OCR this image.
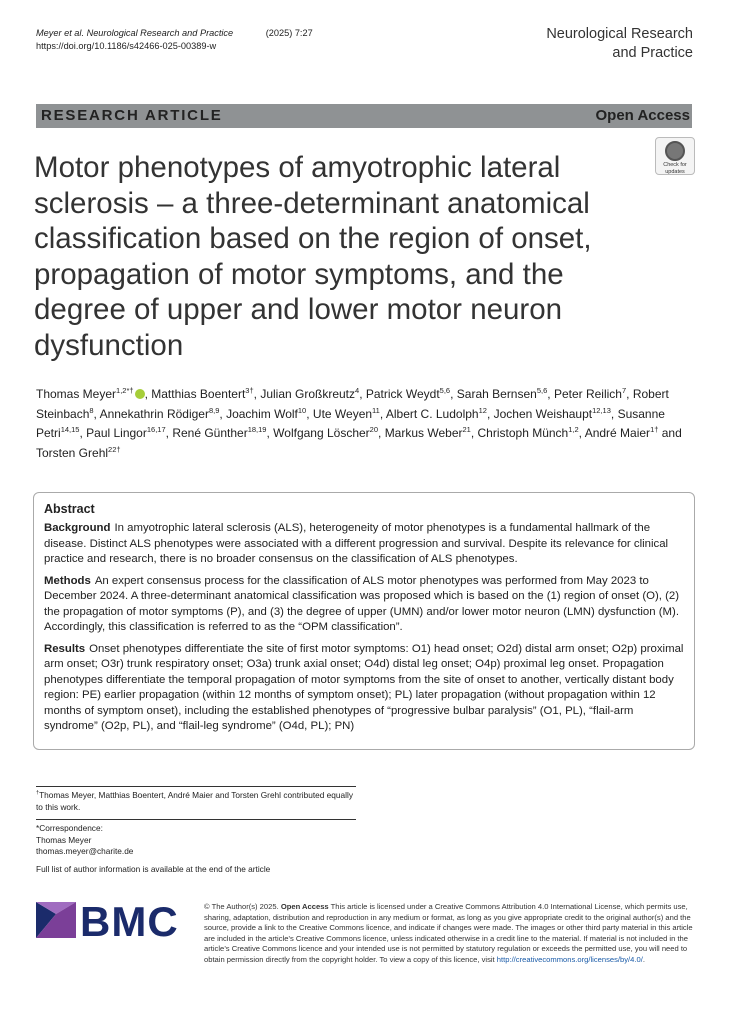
Meyer et al. Neurological Research and Practice	(2025) 7:27
https://doi.org/10.1186/s42466-025-00389-w
Neurological Research
and Practice
RESEARCH ARTICLE	Open Access
Check for
updates
Motor phenotypes of amyotrophic lateral sclerosis – a three-determinant anatomical classification based on the region of onset, propagation of motor symptoms, and the degree of upper and lower motor neuron dysfunction
Thomas Meyer$^{1,2*\dagger}$ , Matthias Boentert$^{3\dagger}$, Julian Großkreutz$^4$, Patrick Weydt$^{5,6}$, Sarah Bernsen$^{5,6}$, Peter Reilich$^7$, Robert Steinbach$^8$, Annekathrin Rödiger$^{8,9}$, Joachim Wolf$^{10}$, Ute Weyen$^{11}$, Albert C. Ludolph$^{12}$, Jochen Weishaupt$^{12,13}$, Susanne Petri$^{14,15}$, Paul Lingor$^{16,17}$, René Günther$^{18,19}$, Wolfgang Löscher$^{20}$, Markus Weber$^{21}$, Christoph Münch$^{1,2}$, André Maier$^{1\dagger}$ and Torsten Grehl$^{22\dagger}$
Abstract

Background In amyotrophic lateral sclerosis (ALS), heterogeneity of motor phenotypes is a fundamental hallmark of the disease. Distinct ALS phenotypes were associated with a different progression and survival. Despite its relevance for clinical practice and research, there is no broader consensus on the classification of ALS phenotypes.

Methods An expert consensus process for the classification of ALS motor phenotypes was performed from May 2023 to December 2024. A three-determinant anatomical classification was proposed which is based on the (1) region of onset (O), (2) the propagation of motor symptoms (P), and (3) the degree of upper (UMN) and/or lower motor neuron (LMN) dysfunction (M). Accordingly, this classification is referred to as the “OPM classification”.

Results Onset phenotypes differentiate the site of first motor symptoms: O1) head onset; O2d) distal arm onset; O2p) proximal arm onset; O3r) trunk respiratory onset; O3a) trunk axial onset; O4d) distal leg onset; O4p) proximal leg onset. Propagation phenotypes differentiate the temporal propagation of motor symptoms from the site of onset to another, vertically distant body region: PE) earlier propagation (within 12 months of symptom onset); PL) later propagation (without propagation within 12 months of symptom onset), including the established phenotypes of “progressive bulbar paralysis” (O1, PL), “flail-arm syndrome” (O2p, PL), and “flail-leg syndrome” (O4d, PL); PN)

†Thomas Meyer, Matthias Boentert, André Maier and Torsten Grehl contributed equally to this work.
*Correspondence:
Thomas Meyer
thomas.meyer@charite.de
Full list of author information is available at the end of the article
BMC	© The Author(s) 2025. Open Access This article is licensed under a Creative Commons Attribution 4.0 International License, which permits use, sharing, adaptation, distribution and reproduction in any medium or format, as long as you give appropriate credit to the original author(s) and the source, provide a link to the Creative Commons licence, and indicate if changes were made. The images or other third party material in this article are included in the article’s Creative Commons licence, unless indicated otherwise in a credit line to the material. If material is not included in the article’s Creative Commons licence and your intended use is not permitted by statutory regulation or exceeds the permitted use, you will need to obtain permission directly from the copyright holder. To view a copy of this licence, visit http://creativecommons.org/licenses/by/4.0/.
